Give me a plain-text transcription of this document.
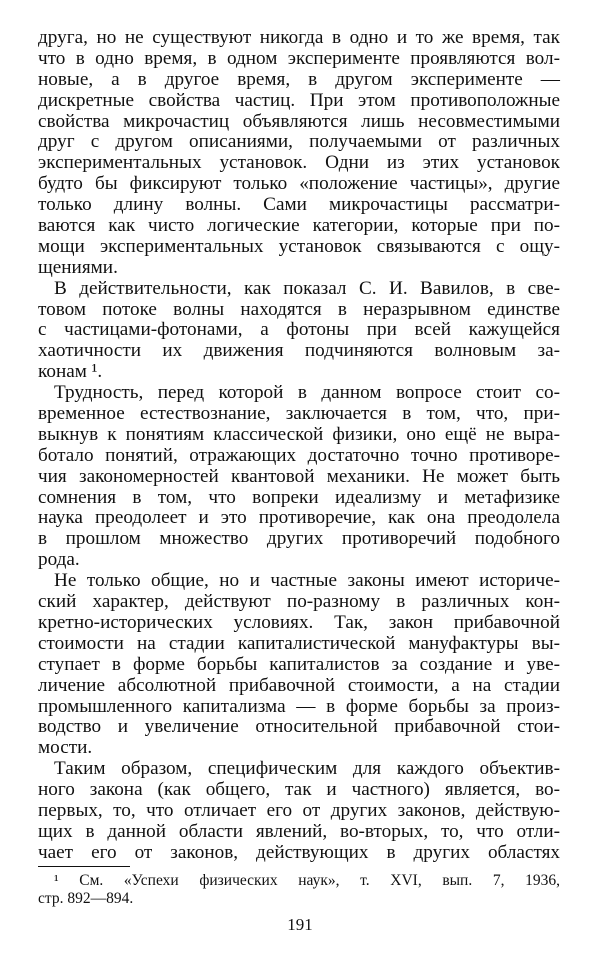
друга, но не существуют никогда в одно и то же время, так
что в одно время, в одном эксперименте проявляются вол-
новые, а в другое время, в другом эксперименте —
дискретные свойства частиц. При этом противоположные
свойства микрочастиц объявляются лишь несовместимыми
друг с другом описаниями, получаемыми от различных
экспериментальных установок. Одни из этих установок
будто бы фиксируют только «положение частицы», другие
только длину волны. Сами микрочастицы рассматри-
ваются как чисто логические категории, которые при по-
мощи экспериментальных установок связываются с ощу-
щениями.
В действительности, как показал С. И. Вавилов, в све-
товом потоке волны находятся в неразрывном единстве
с частицами-фотонами, а фотоны при всей кажущейся
хаотичности их движения подчиняются волновым за-
конам ¹.
Трудность, перед которой в данном вопросе стоит со-
временное естествознание, заключается в том, что, при-
выкнув к понятиям классической физики, оно ещё не выра-
ботало понятий, отражающих достаточно точно противоре-
чия закономерностей квантовой механики. Не может быть
сомнения в том, что вопреки идеализму и метафизике
наука преодолеет и это противоречие, как она преодолела
в прошлом множество других противоречий подобного
рода.
Не только общие, но и частные законы имеют историче-
ский характер, действуют по-разному в различных кон-
кретно-исторических условиях. Так, закон прибавочной
стоимости на стадии капиталистической мануфактуры вы-
ступает в форме борьбы капиталистов за создание и уве-
личение абсолютной прибавочной стоимости, а на стадии
промышленного капитализма — в форме борьбы за произ-
водство и увеличение относительной прибавочной стои-
мости.
Таким образом, специфическим для каждого объектив-
ного закона (как общего, так и частного) является, во-
первых, то, что отличает его от других законов, действую-
щих в данной области явлений, во-вторых, то, что отли-
чает его от законов, действующих в других областях
¹ См. «Успехи физических наук», т. XVI, вып. 7, 1936,
стр. 892—894.
191
